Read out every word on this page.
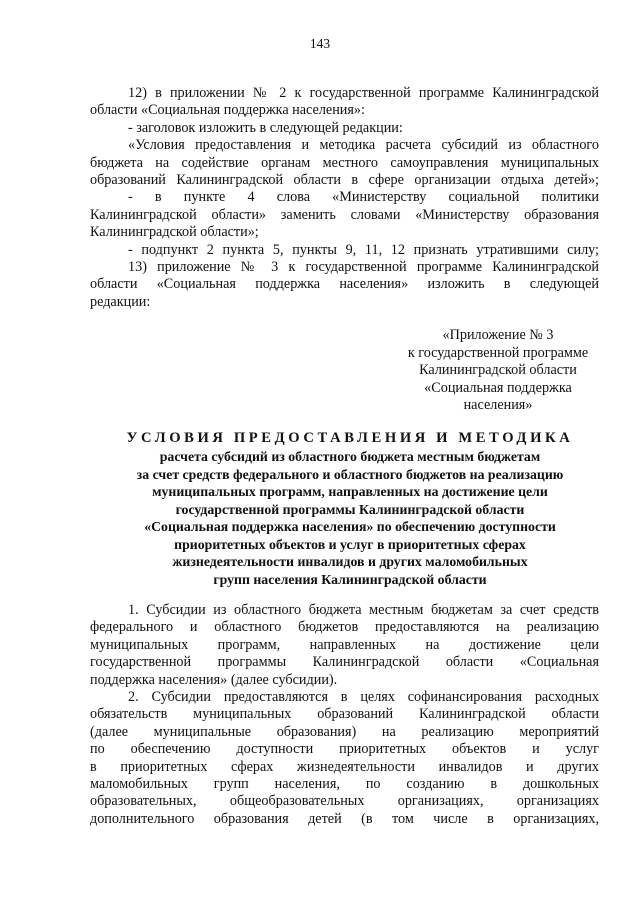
143
12) в приложении № 2 к государственной программе Калининградской
области «Социальная поддержка населения»:
- заголовок изложить в следующей редакции:
«Условия предоставления и методика расчета субсидий из областного
бюджета на содействие органам местного самоуправления муниципальных
образований Калининградской области в сфере организации отдыха детей»;
- в пункте 4 слова «Министерству социальной политики
Калининградской области» заменить словами «Министерству образования
Калининградской области»;
- подпункт 2 пункта 5, пункты 9, 11, 12 признать утратившими силу;
13) приложение № 3 к государственной программе Калининградской
области «Социальная поддержка населения» изложить в следующей
редакции:
«Приложение № 3
к государственной программе
Калининградской области
«Социальная поддержка
населения»
УСЛОВИЯ ПРЕДОСТАВЛЕНИЯ И МЕТОДИКА
расчета субсидий из областного бюджета местным бюджетам
за счет средств федерального и областного бюджетов на реализацию
муниципальных программ, направленных на достижение цели
государственной программы Калининградской области
«Социальная поддержка населения» по обеспечению доступности
приоритетных объектов и услуг в приоритетных сферах
жизнедеятельности инвалидов и других маломобильных
групп населения Калининградской области
1. Субсидии из областного бюджета местным бюджетам за счет средств
федерального и областного бюджетов предоставляются на реализацию
муниципальных программ, направленных на достижение цели
государственной программы Калининградской области «Социальная
поддержка населения» (далее субсидии).
2. Субсидии предоставляются в целях софинансирования расходных
обязательств муниципальных образований Калининградской области
(далее муниципальные образования) на реализацию мероприятий
по обеспечению доступности приоритетных объектов и услуг
в приоритетных сферах жизнедеятельности инвалидов и других
маломобильных групп населения, по созданию в дошкольных
образовательных, общеобразовательных организациях, организациях
дополнительного образования детей (в том числе в организациях,
